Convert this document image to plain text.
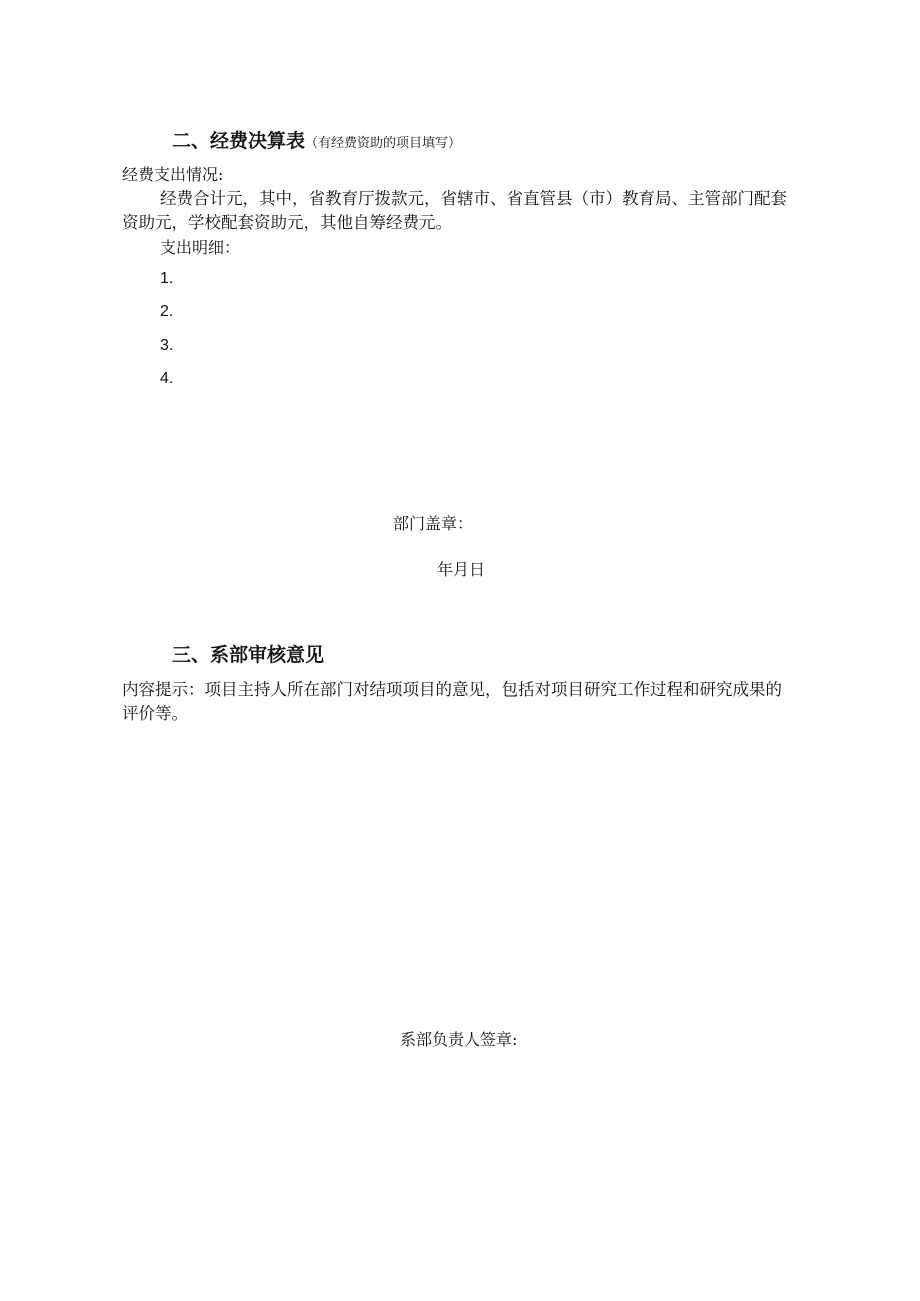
二、经费决算表（有经费资助的项目填写）
经费支出情况:
经费合计元，其中，省教育厅拨款元，省辖市、省直管县（市）教育局、主管部门配套资助元，学校配套资助元，其他自筹经费元。
支出明细：
1.
2.
3.
4.
部门盖章：
年月日
三、系部审核意见
内容提示：项目主持人所在部门对结项项目的意见，包括对项目研究工作过程和研究成果的评价等。
系部负责人签章:
